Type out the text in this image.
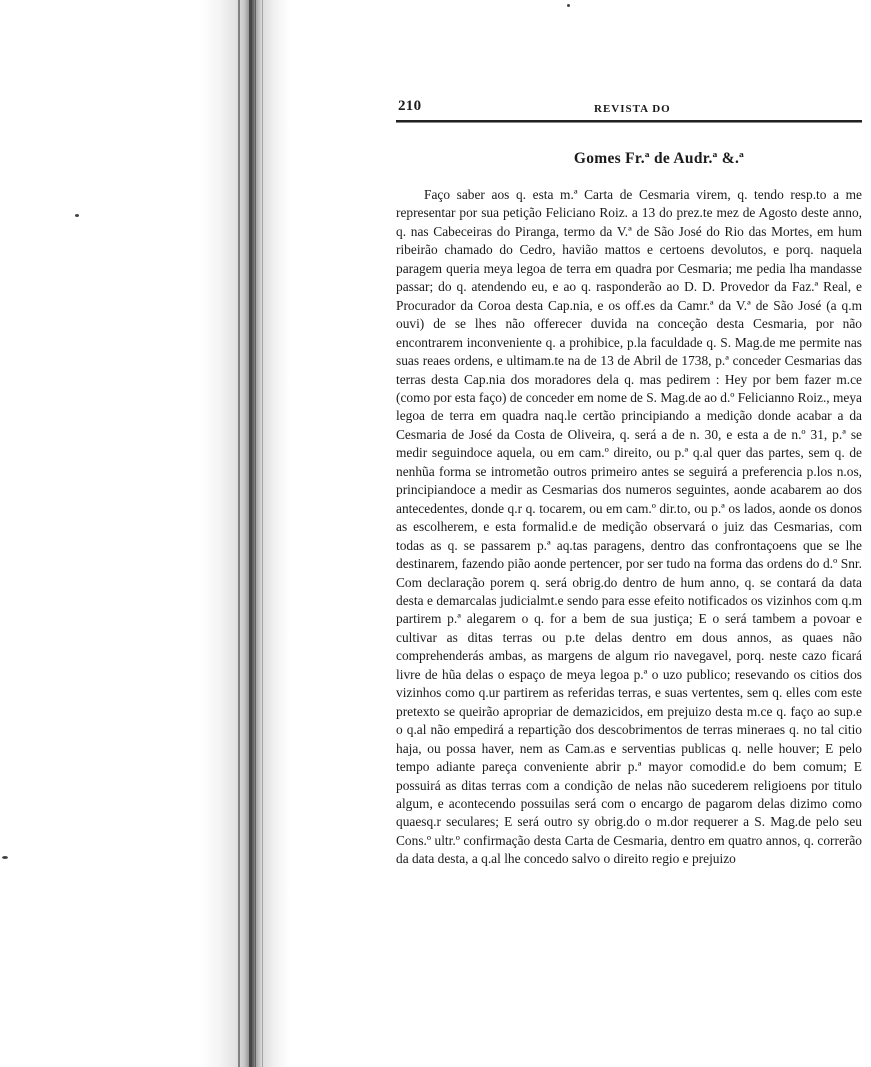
210	REVISTA DO
Gomes Fr.ª de Audr.ª &.ª

Faço saber aos q. esta m.ª Carta de Cesmaria virem, q. tendo resp.to a me representar por sua petição Feliciano Roiz. a 13 do prez.te mez de Agosto deste anno, q. nas Cabeceiras do Piranga, termo da V.ª de São José do Rio das Mortes, em hum ribeirão chamado do Cedro, havião mattos e certoens devolutos, e porq. naquela paragem queria meya legoa de terra em quadra por Cesmaria; me pedia lha mandasse passar; do q. atendendo eu, e ao q. rasponderão ao D. D. Provedor da Faz.ª Real, e Procurador da Coroa desta Cap.nia, e os off.es da Camr.ª da V.ª de São José (a q.m ouvi) de se lhes não offerecer duvida na conceção desta Cesmaria, por não encontrarem inconveniente q. a prohibice, p.la faculdade q. S. Mag.de me permite nas suas reaes ordens, e ultimam.te na de 13 de Abril de 1738, p.ª conceder Cesmarias das terras desta Cap.nia dos moradores dela q. mas pedirem : Hey por bem fazer m.ce (como por esta faço) de conceder em nome de S. Mag.de ao d.º Felicianno Roiz., meya legoa de terra em quadra naq.le certão principiando a medição donde acabar a da Cesmaria de José da Costa de Oliveira, q. será a de n. 30, e esta a de n.º 31, p.ª se medir seguindoce aquela, ou em cam.º direito, ou p.ª q.al quer das partes, sem q. de nenhũa forma se intrometão outros primeiro antes se seguirá a preferencia p.los n.os, principiandoce a medir as Cesmarias dos numeros seguintes, aonde acabarem ao dos antecedentes, donde q.r q. tocarem, ou em cam.º dir.to, ou p.ª os lados, aonde os donos as escolherem, e esta formalid.e de medição observará o juiz das Cesmarias, com todas as q. se passarem p.ª aq.tas paragens, dentro das confrontaçoens que se lhe destinarem, fazendo pião aonde pertencer, por ser tudo na forma das ordens do d.º Snr. Com declaração porem q. será obrig.do dentro de hum anno, q. se contará da data desta e demarcalas judicialmt.e sendo para esse efeito notificados os vizinhos com q.m partirem p.ª alegarem o q. for a bem de sua justiça; E o será tambem a povoar e cultivar as ditas terras ou p.te delas dentro em dous annos, as quaes não comprehenderás ambas, as margens de algum rio navegavel, porq. neste cazo ficará livre de hũa delas o espaço de meya legoa p.ª o uzo publico; resevando os citios dos vizinhos como q.ur partirem as referidas terras, e suas vertentes, sem q. elles com este pretexto se queirão apropriar de demazicidos, em prejuizo desta m.ce q. faço ao sup.e o q.al não empedirá a repartição dos descobrimentos de terras mineraes q. no tal citio haja, ou possa haver, nem as Cam.as e serventias publicas q. nelle houver; E pelo tempo adiante pareça conveniente abrir p.ª mayor comodid.e do bem comum; E possuirá as ditas terras com a condição de nelas não sucederem religioens por titulo algum, e acontecendo possuilas será com o encargo de pagarom delas dizimo como quaesq.r seculares; E será outro sy obrig.do o m.dor requerer a S. Mag.de pelo seu Cons.º ultr.º confirmação desta Carta de Cesmaria, dentro em quatro annos, q. correrão da data desta, a q.al lhe concedo salvo o direito regio e prejuizo
